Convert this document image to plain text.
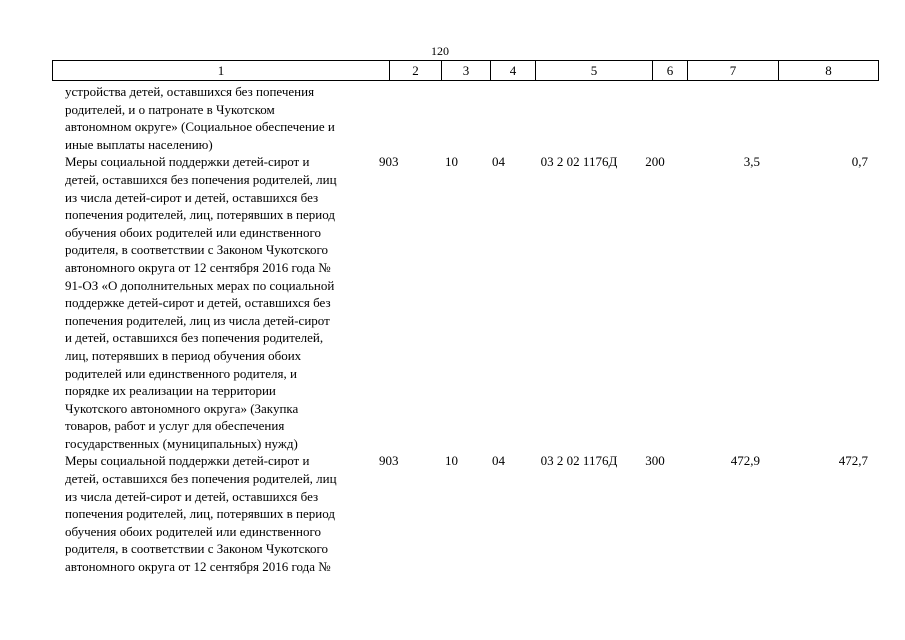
120
1	2	3	4	5	6	7	8
устройства детей, оставшихся без попечения
родителей, и о патронате в Чукотском
автономном округе» (Социальное обеспечение и
иные выплаты населению)
Меры социальной поддержки детей-сирот и
детей, оставшихся без попечения родителей, лиц
из числа детей-сирот и детей, оставшихся без
попечения родителей, лиц, потерявших в период
обучения обоих родителей или единственного
родителя, в соответствии с Законом Чукотского
автономного округа от 12 сентября 2016 года №
91-ОЗ «О дополнительных мерах по социальной
поддержке детей-сирот и детей, оставшихся без
попечения родителей, лиц из числа детей-сирот
и детей, оставшихся без попечения родителей,
лиц, потерявших в период обучения обоих
родителей или единственного родителя, и
порядке их реализации на территории
Чукотского автономного округа» (Закупка
товаров, работ и услуг для обеспечения
государственных (муниципальных) нужд)
903	10	04	03 2 02 1176Д	200	3,5	0,7
Меры социальной поддержки детей-сирот и
детей, оставшихся без попечения родителей, лиц
из числа детей-сирот и детей, оставшихся без
попечения родителей, лиц, потерявших в период
обучения обоих родителей или единственного
родителя, в соответствии с Законом Чукотского
автономного округа от 12 сентября 2016 года №
903	10	04	03 2 02 1176Д	300	472,9	472,7
